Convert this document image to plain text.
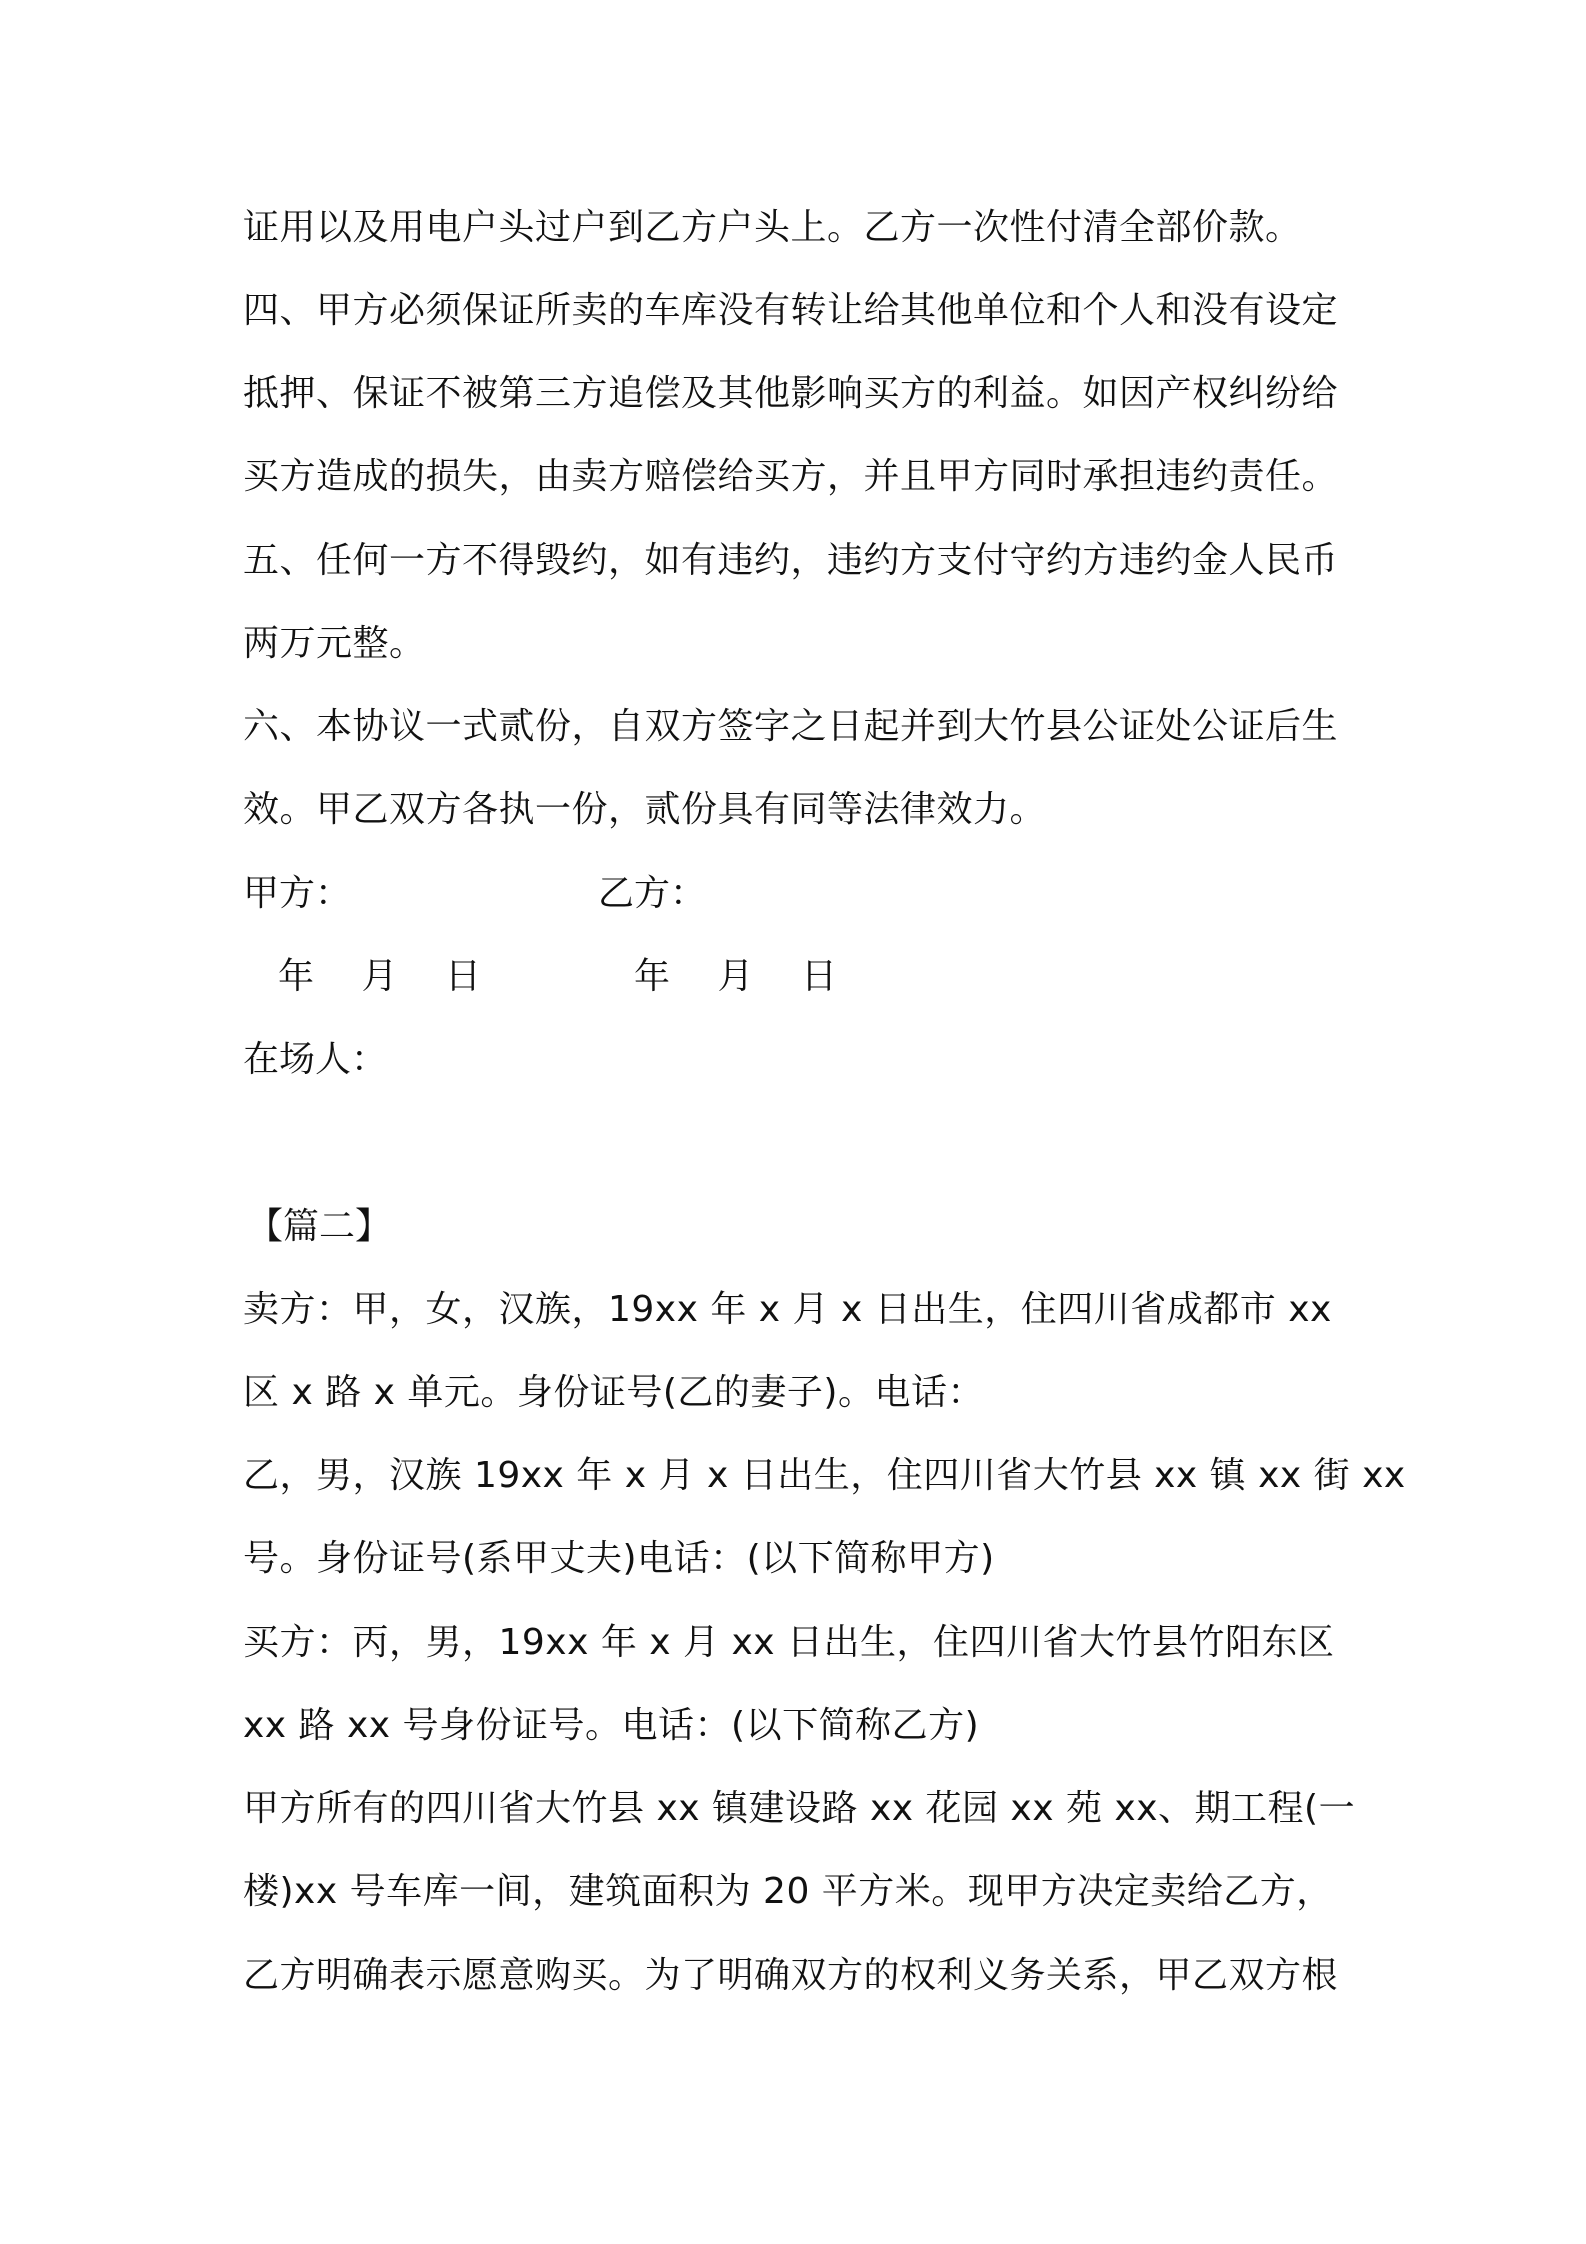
证用以及用电户头过户到乙方户头上。乙方一次性付清全部价款。
四、甲方必须保证所卖的车库没有转让给其他单位和个人和没有设定
抵押、保证不被第三方追偿及其他影响买方的利益。如因产权纠纷给
买方造成的损失，由卖方赔偿给买方，并且甲方同时承担违约责任。
五、任何一方不得毁约，如有违约，违约方支付守约方违约金人民币
两万元整。
六、本协议一式贰份，自双方签字之日起并到大竹县公证处公证后生
效。甲乙双方各执一份，贰份具有同等法律效力。
甲方：	乙方：
年 月 日	年 月 日
在场人：
【篇二】
卖方：甲，女，汉族，19xx 年 x 月 x 日出生，住四川省成都市 xx
区 x 路 x 单元。身份证号(乙的妻子)。电话：
乙，男，汉族 19xx 年 x 月 x 日出生，住四川省大竹县 xx 镇 xx 街 xx
号。身份证号(系甲丈夫)电话：(以下简称甲方)
买方：丙，男，19xx 年 x 月 xx 日出生，住四川省大竹县竹阳东区
xx 路 xx 号身份证号。电话：(以下简称乙方)
甲方所有的四川省大竹县 xx 镇建设路 xx 花园 xx 苑 xx、期工程(一
楼)xx 号车库一间，建筑面积为 20 平方米。现甲方决定卖给乙方，
乙方明确表示愿意购买。为了明确双方的权利义务关系，甲乙双方根
